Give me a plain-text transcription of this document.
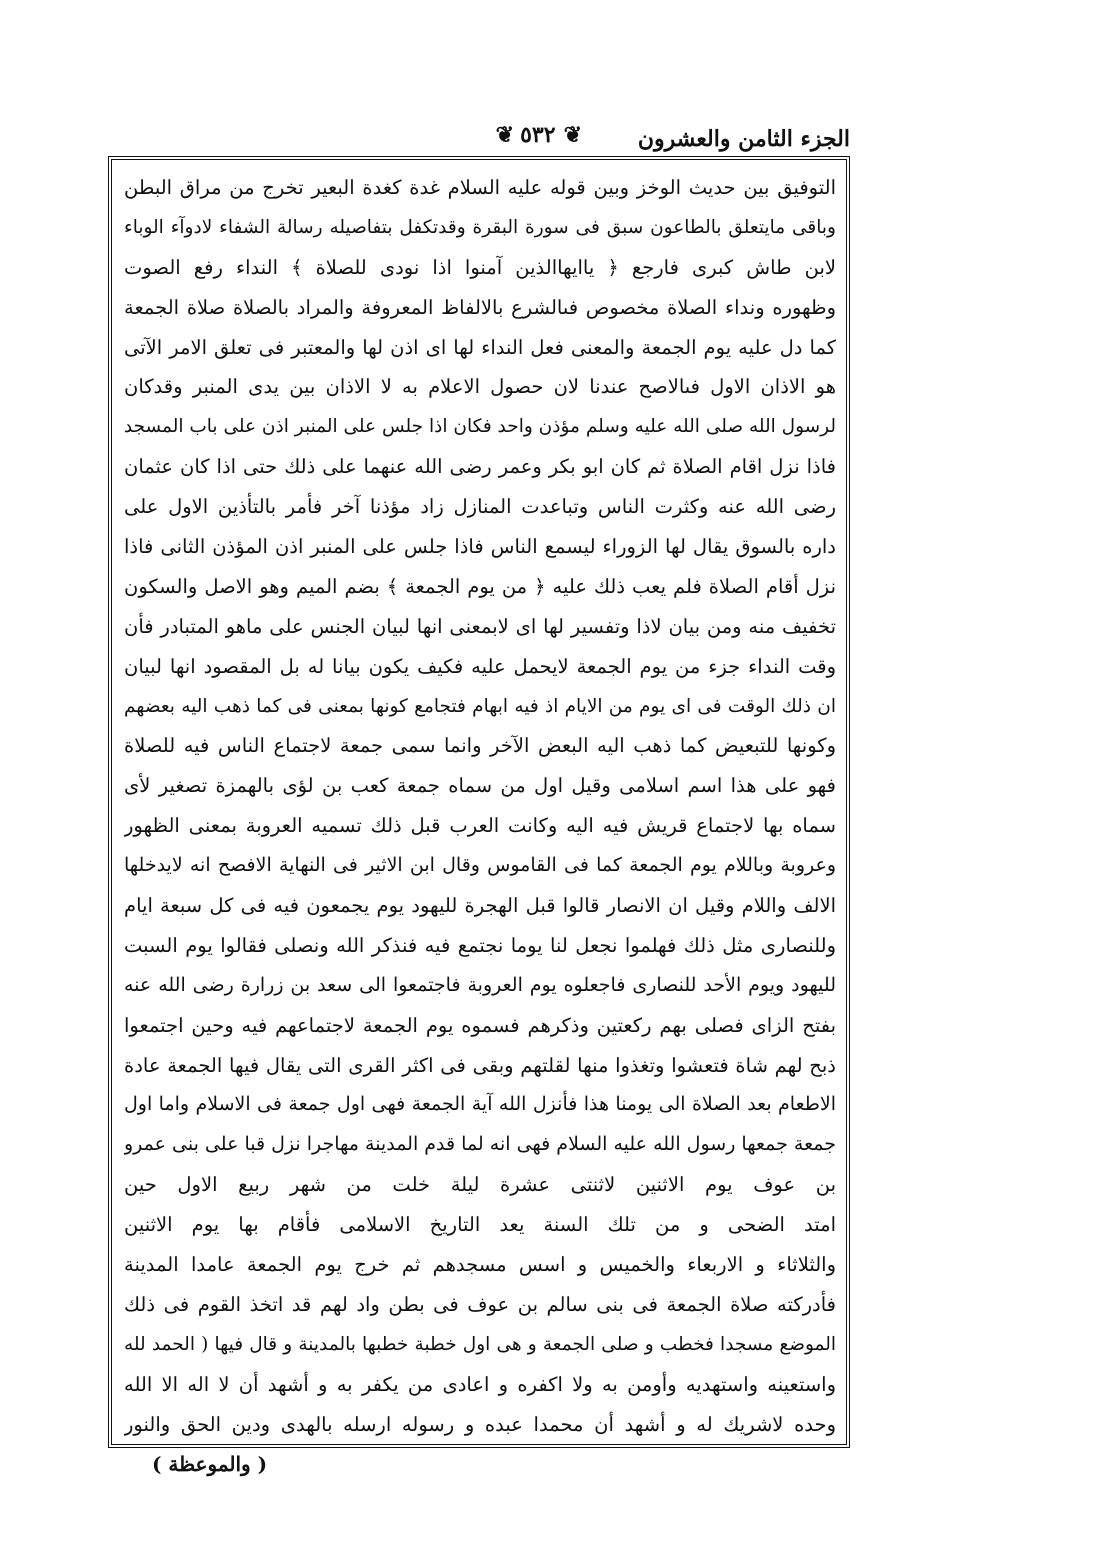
الجزء الثامن والعشرون
❦ ٥٣٢ ❦
التوفيق بين حديث الوخز وبين قوله عليه السلام غدة كغدة البعير تخرج من مراق البطن
وباقى مايتعلق بالطاعون سبق فى سورة البقرة وقدتكفل بتفاصيله رسالة الشفاء لادوآء الوباء
لابن طاش كبرى فارجع ﴿ ياايهاالذين آمنوا اذا نودى للصلاة ﴾ النداء رفع الصوت
وظهوره ونداء الصلاة مخصوص فىالشرع بالالفاظ المعروفة والمراد بالصلاة صلاة الجمعة
كما دل عليه يوم الجمعة والمعنى فعل النداء لها اى اذن لها والمعتبر فى تعلق الامر الآتى
هو الاذان الاول فىالاصح عندنا لان حصول الاعلام به لا الاذان بين يدى المنبر وقدكان
لرسول الله صلى الله عليه وسلم مؤذن واحد فكان اذا جلس على المنبر اذن على باب المسجد
فاذا نزل اقام الصلاة ثم كان ابو بكر وعمر رضى الله عنهما على ذلك حتى اذا كان عثمان
رضى الله عنه وكثرت الناس وتباعدت المنازل زاد مؤذنا آخر فأمر بالتأذين الاول على
داره بالسوق يقال لها الزوراء ليسمع الناس فاذا جلس على المنبر اذن المؤذن الثانى فاذا
نزل أقام الصلاة فلم يعب ذلك عليه ﴿ من يوم الجمعة ﴾ بضم الميم وهو الاصل والسكون
تخفيف منه ومن بيان لاذا وتفسير لها اى لابمعنى انها لبيان الجنس على ماهو المتبادر فأن
وقت النداء جزء من يوم الجمعة لايحمل عليه فكيف يكون بيانا له بل المقصود انها لبيان
ان ذلك الوقت فى اى يوم من الايام اذ فيه ابهام فتجامع كونها بمعنى فى كما ذهب اليه بعضهم
وكونها للتبعيض كما ذهب اليه البعض الآخر وانما سمى جمعة لاجتماع الناس فيه للصلاة
فهو على هذا اسم اسلامى وقيل اول من سماه جمعة كعب بن لؤى بالهمزة تصغير لأى
سماه بها لاجتماع قريش فيه اليه وكانت العرب قبل ذلك تسميه العروبة بمعنى الظهور
وعروبة وباللام يوم الجمعة كما فى القاموس وقال ابن الاثير فى النهاية الافصح انه لايدخلها
الالف واللام وقيل ان الانصار قالوا قبل الهجرة لليهود يوم يجمعون فيه فى كل سبعة ايام
وللنصارى مثل ذلك فهلموا نجعل لنا يوما نجتمع فيه فنذكر الله ونصلى فقالوا يوم السبت
لليهود ويوم الأحد للنصارى فاجعلوه يوم العروبة فاجتمعوا الى سعد بن زرارة رضى الله عنه
بفتح الزاى فصلى بهم ركعتين وذكرهم فسموه يوم الجمعة لاجتماعهم فيه وحين اجتمعوا
ذبح لهم شاة فتعشوا وتغذوا منها لقلتهم وبقى فى اكثر القرى التى يقال فيها الجمعة عادة
الاطعام بعد الصلاة الى يومنا هذا فأنزل الله آية الجمعة فهى اول جمعة فى الاسلام واما اول
جمعة جمعها رسول الله عليه السلام فهى انه لما قدم المدينة مهاجرا نزل قبا على بنى عمرو
بن عوف يوم الاثنين لاثنتى عشرة ليلة خلت من شهر ربيع الاول حين
امتد الضحى و من تلك السنة يعد التاريخ الاسلامى فأقام بها يوم الاثنين
والثلاثاء و الاربعاء والخميس و اسس مسجدهم ثم خرج يوم الجمعة عامدا المدينة
فأدركته صلاة الجمعة فى بنى سالم بن عوف فى بطن واد لهم قد اتخذ القوم فى ذلك
الموضع مسجدا فخطب و صلى الجمعة و هى اول خطبة خطبها بالمدينة و قال فيها ( الحمد لله
واستعينه واستهديه وأومن به ولا اكفره و اعادى من يكفر به و أشهد أن لا اله الا الله
وحده لاشريك له و أشهد أن محمدا عبده و رسوله ارسله بالهدى ودين الحق والنور
( والموعظة )
